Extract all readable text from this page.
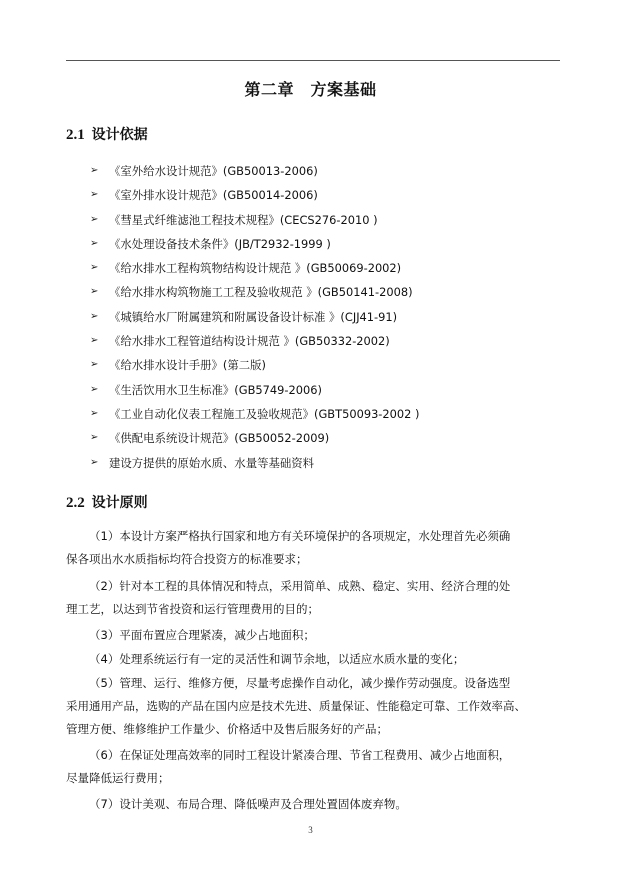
第二章　方案基础
2.1 设计依据
➢ 《室外给水设计规范》(GB50013-2006)
➢ 《室外排水设计规范》(GB50014-2006)
➢ 《彗星式纤维滤池工程技术规程》(CECS276-2010 )
➢ 《水处理设备技术条件》(JB/T2932-1999 )
➢ 《给水排水工程构筑物结构设计规范 》(GB50069-2002)
➢ 《给水排水构筑物施工工程及验收规范 》(GB50141-2008)
➢ 《城镇给水厂附属建筑和附属设备设计标准 》(CJJ41-91)
➢ 《给水排水工程管道结构设计规范 》(GB50332-2002)
➢ 《给水排水设计手册》(第二版)
➢ 《生活饮用水卫生标准》(GB5749-2006)
➢ 《工业自动化仪表工程施工及验收规范》(GBT50093-2002 )
➢ 《供配电系统设计规范》(GB50052-2009)
➢ 建设方提供的原始水质、水量等基础资料
2.2 设计原则
（1）本设计方案严格执行国家和地方有关环境保护的各项规定，水处理首先必须确
保各项出水水质指标均符合投资方的标准要求；
（2）针对本工程的具体情况和特点，采用简单、成熟、稳定、实用、经济合理的处
理工艺，以达到节省投资和运行管理费用的目的；
（3）平面布置应合理紧凑，减少占地面积；
（4）处理系统运行有一定的灵活性和调节余地，以适应水质水量的变化；
（5）管理、运行、维修方便，尽量考虑操作自动化，减少操作劳动强度。设备选型
采用通用产品，选购的产品在国内应是技术先进、质量保证、性能稳定可靠、工作效率高、
管理方便、维修维护工作量少、价格适中及售后服务好的产品；
（6）在保证处理高效率的同时工程设计紧凑合理、节省工程费用、减少占地面积，
尽量降低运行费用；
（7）设计美观、布局合理、降低噪声及合理处置固体废弃物。
3
